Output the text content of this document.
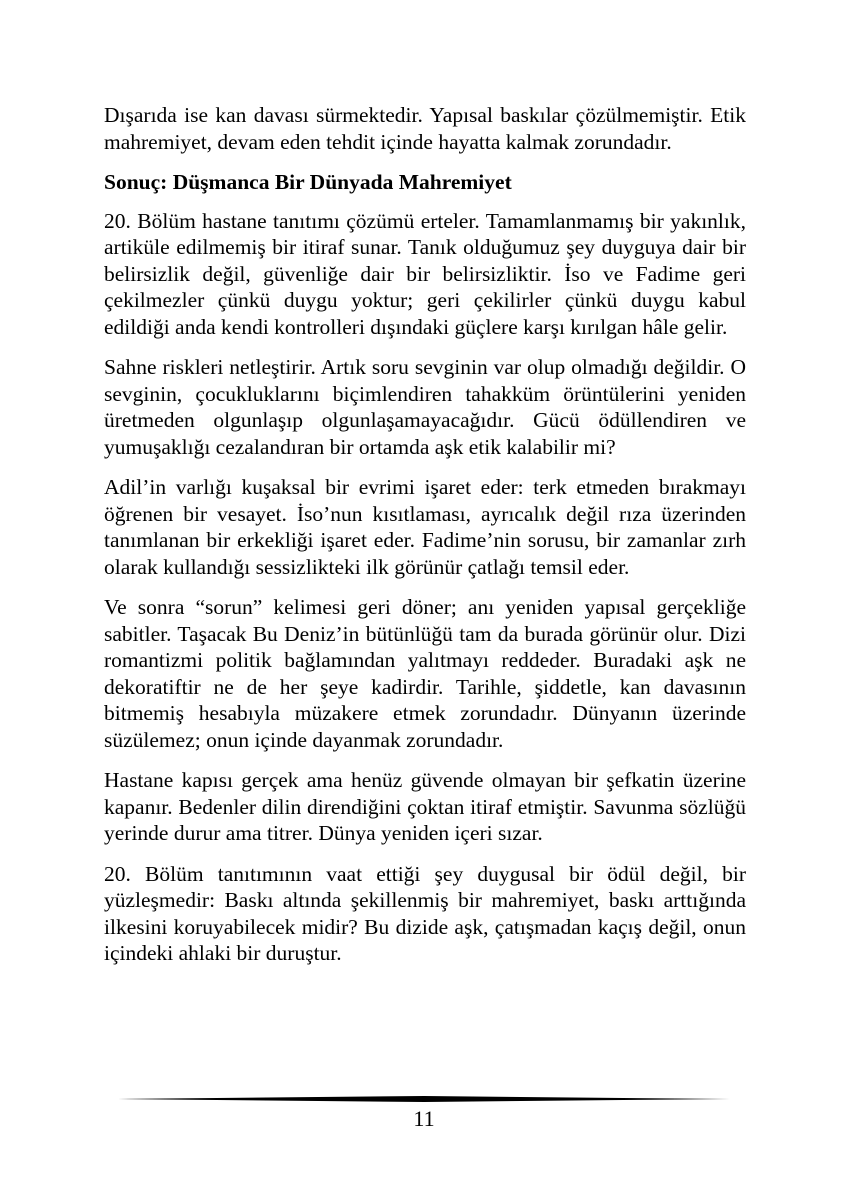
Dışarıda ise kan davası sürmektedir. Yapısal baskılar çözülmemiştir. Etik mahremiyet, devam eden tehdit içinde hayatta kalmak zorundadır.

Sonuç: Düşmanca Bir Dünyada Mahremiyet

20. Bölüm hastane tanıtımı çözümü erteler. Tamamlanmamış bir yakınlık, artiküle edilmemiş bir itiraf sunar. Tanık olduğumuz şey duyguya dair bir belirsizlik değil, güvenliğe dair bir belirsizliktir. İso ve Fadime geri çekilmezler çünkü duygu yoktur; geri çekilirler çünkü duygu kabul edildiği anda kendi kontrolleri dışındaki güçlere karşı kırılgan hâle gelir.

Sahne riskleri netleştirir. Artık soru sevginin var olup olmadığı değildir. O sevginin, çocukluklarını biçimlendiren tahakküm örüntülerini yeniden üretmeden olgunlaşıp olgunlaşamayacağıdır. Gücü ödüllendiren ve yumuşaklığı cezalandıran bir ortamda aşk etik kalabilir mi?

Adil’in varlığı kuşaksal bir evrimi işaret eder: terk etmeden bırakmayı öğrenen bir vesayet. İso’nun kısıtlaması, ayrıcalık değil rıza üzerinden tanımlanan bir erkekliği işaret eder. Fadime’nin sorusu, bir zamanlar zırh olarak kullandığı sessizlikteki ilk görünür çatlağı temsil eder.

Ve sonra “sorun” kelimesi geri döner; anı yeniden yapısal gerçekliğe sabitler. Taşacak Bu Deniz’in bütünlüğü tam da burada görünür olur. Dizi romantizmi politik bağlamından yalıtmayı reddeder. Buradaki aşk ne dekoratiftir ne de her şeye kadirdir. Tarihle, şiddetle, kan davasının bitmemiş hesabıyla müzakere etmek zorundadır. Dünyanın üzerinde süzülemez; onun içinde dayanmak zorundadır.

Hastane kapısı gerçek ama henüz güvende olmayan bir şefkatin üzerine kapanır. Bedenler dilin direndiğini çoktan itiraf etmiştir. Savunma sözlüğü yerinde durur ama titrer. Dünya yeniden içeri sızar.

20. Bölüm tanıtımının vaat ettiği şey duygusal bir ödül değil, bir yüzleşmedir: Baskı altında şekillenmiş bir mahremiyet, baskı arttığında ilkesini koruyabilecek midir? Bu dizide aşk, çatışmadan kaçış değil, onun içindeki ahlaki bir duruştur.

11
